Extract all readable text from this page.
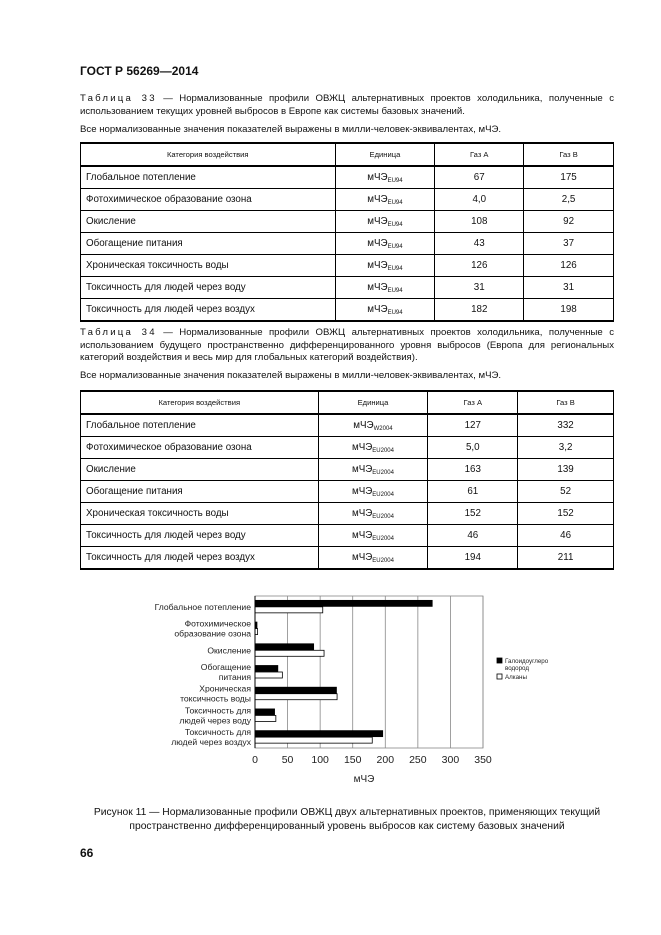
ГОСТ Р 56269—2014
Таблица 33 — Нормализованные профили ОВЖЦ альтернативных проектов холодильника, полученные с использованием текущих уровней выбросов в Европе как системы базовых значений.
Все нормализованные значения показателей выражены в милли-человек-эквивалентах, мЧЭ.
Категория воздействия	Единица	Газ А	Газ В
Глобальное потепление	мЧЭ$_{EU94}$	67	175
Фотохимическое образование озона	мЧЭ$_{EU94}$	4,0	2,5
Окисление	мЧЭ$_{EU94}$	108	92
Обогащение питания	мЧЭ$_{EU94}$	43	37
Хроническая токсичность воды	мЧЭ$_{EU94}$	126	126
Токсичность для людей через воду	мЧЭ$_{EU94}$	31	31
Токсичность для людей через воздух	мЧЭ$_{EU94}$	182	198
Таблица 34 — Нормализованные профили ОВЖЦ альтернативных проектов холодильника, полученные с использованием будущего пространственно дифференцированного уровня выбросов (Европа для региональных категорий воздействия и весь мир для глобальных категорий воздействия).
Все нормализованные значения показателей выражены в милли-человек-эквивалентах, мЧЭ.
Категория воздействия	Единица	Газ А	Газ В
Глобальное потепление	мЧЭ$_{W2004}$	127	332
Фотохимическое образование озона	мЧЭ$_{EU2004}$	5,0	3,2
Окисление	мЧЭ$_{EU2004}$	163	139
Обогащение питания	мЧЭ$_{EU2004}$	61	52
Хроническая токсичность воды	мЧЭ$_{EU2004}$	152	152
Токсичность для людей через воду	мЧЭ$_{EU2004}$	46	46
Токсичность для людей через воздух	мЧЭ$_{EU2004}$	194	211
Глобальное потепление
Фотохимическое образование озона
Окисление
Обогащение питания
Хроническая токсичность воды
Токсичность для людей через воду
Токсичность для людей через воздух
0 50 100 150 200 250 300 350
мЧЭ
Галоидоуглеро водород
Алканы
Рисунок 11 — Нормализованные профили ОВЖЦ двух альтернативных проектов, применяющих текущий пространственно дифференцированный уровень выбросов как систему базовых значений
66
